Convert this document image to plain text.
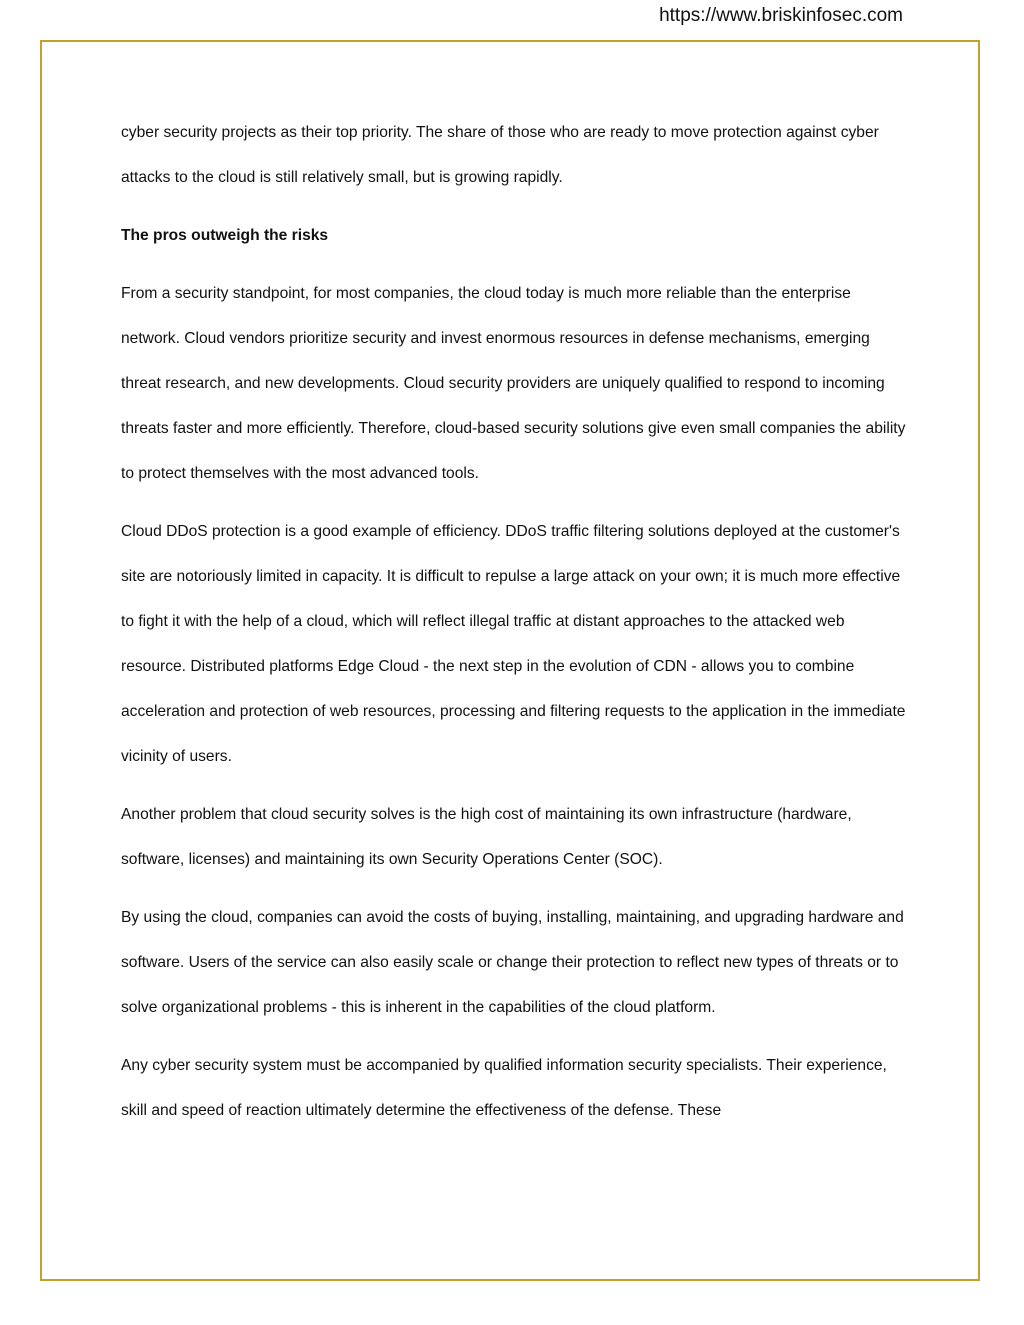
https://www.briskinfosec.com

cyber security projects as their top priority. The share of those who are ready to move protection against cyber attacks to the cloud is still relatively small, but is growing rapidly.

The pros outweigh the risks

From a security standpoint, for most companies, the cloud today is much more reliable than the enterprise network. Cloud vendors prioritize security and invest enormous resources in defense mechanisms, emerging threat research, and new developments. Cloud security providers are uniquely qualified to respond to incoming threats faster and more efficiently. Therefore, cloud-based security solutions give even small companies the ability to protect themselves with the most advanced tools.

Cloud DDoS protection is a good example of efficiency. DDoS traffic filtering solutions deployed at the customer's site are notoriously limited in capacity. It is difficult to repulse a large attack on your own; it is much more effective to fight it with the help of a cloud, which will reflect illegal traffic at distant approaches to the attacked web resource. Distributed platforms Edge Cloud - the next step in the evolution of CDN - allows you to combine acceleration and protection of web resources, processing and filtering requests to the application in the immediate vicinity of users.

Another problem that cloud security solves is the high cost of maintaining its own infrastructure (hardware, software, licenses) and maintaining its own Security Operations Center (SOC).

By using the cloud, companies can avoid the costs of buying, installing, maintaining, and upgrading hardware and software. Users of the service can also easily scale or change their protection to reflect new types of threats or to solve organizational problems - this is inherent in the capabilities of the cloud platform.

Any cyber security system must be accompanied by qualified information security specialists. Their experience, skill and speed of reaction ultimately determine the effectiveness of the defense. These
